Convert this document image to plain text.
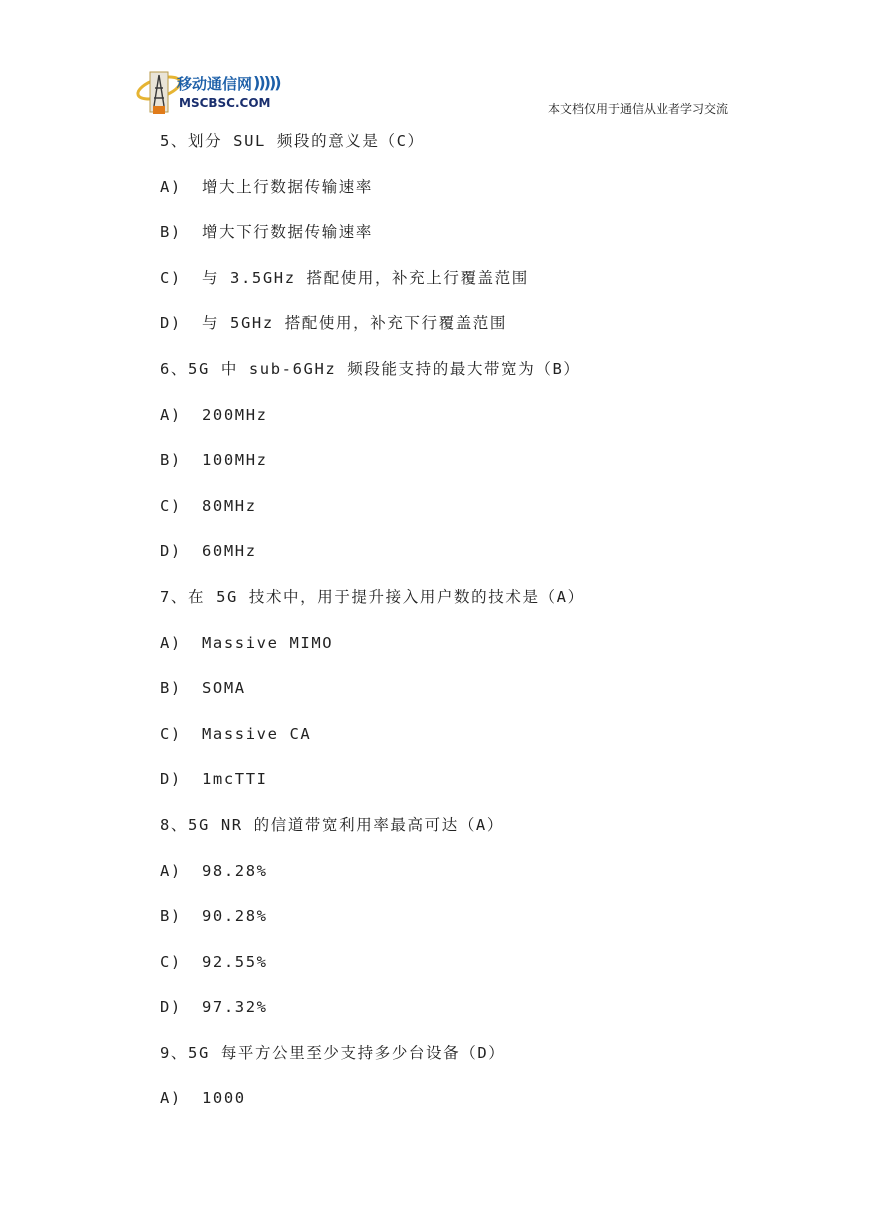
移动通信网 )))))
MSCBSC.COM	本文档仅用于通信从业者学习交流
5、划分 SUL 频段的意义是（C）
A) 增大上行数据传输速率
B) 增大下行数据传输速率
C) 与 3.5GHz 搭配使用，补充上行覆盖范围
D) 与 5GHz 搭配使用，补充下行覆盖范围
6、5G 中 sub-6GHz 频段能支持的最大带宽为（B）
A) 200MHz
B) 100MHz
C) 80MHz
D) 60MHz
7、在 5G 技术中，用于提升接入用户数的技术是（A）
A) Massive MIMO
B) SOMA
C) Massive CA
D) 1mcTTI
8、5G NR 的信道带宽利用率最高可达（A）
A) 98.28%
B) 90.28%
C) 92.55%
D) 97.32%
9、5G 每平方公里至少支持多少台设备（D）
A) 1000
